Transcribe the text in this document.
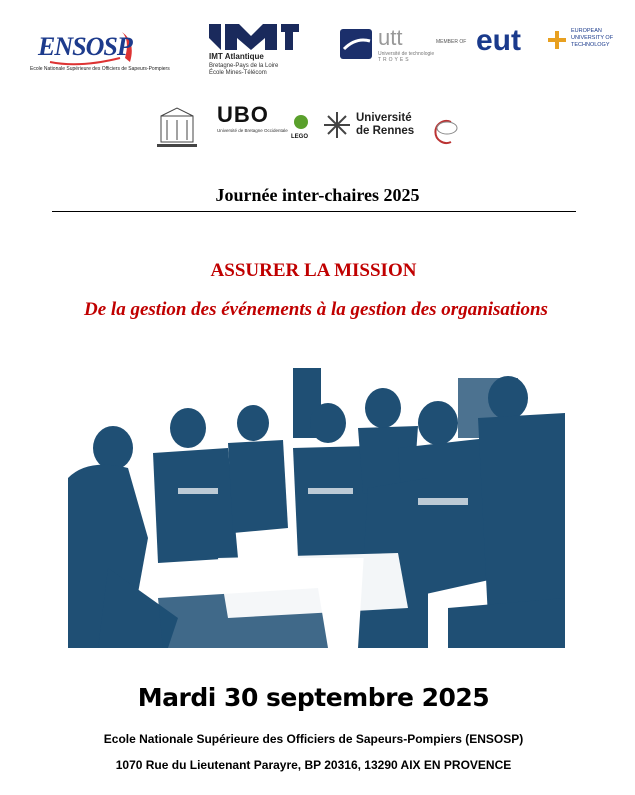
ENSOSP
Ecole Nationale Supérieure des Officiers de Sapeurs-Pompiers
IMT Atlantique
Bretagne-Pays de la Loire
École Mines-Télécom
utt
Université de technologie
TROYES
MEMBER OF eut	EUROPEAN
UNIVERSITY OF
TECHNOLOGY
UBO
Université de Bretagne Occidentale
LEGO
Université
de Rennes
Journée inter-chaires 2025
ASSURER LA MISSION
De la gestion des événements à la gestion des organisations
Mardi 30 septembre 2025
Ecole Nationale Supérieure des Officiers de Sapeurs-Pompiers (ENSOSP)
1070 Rue du Lieutenant Parayre, BP 20316, 13290 AIX EN PROVENCE
